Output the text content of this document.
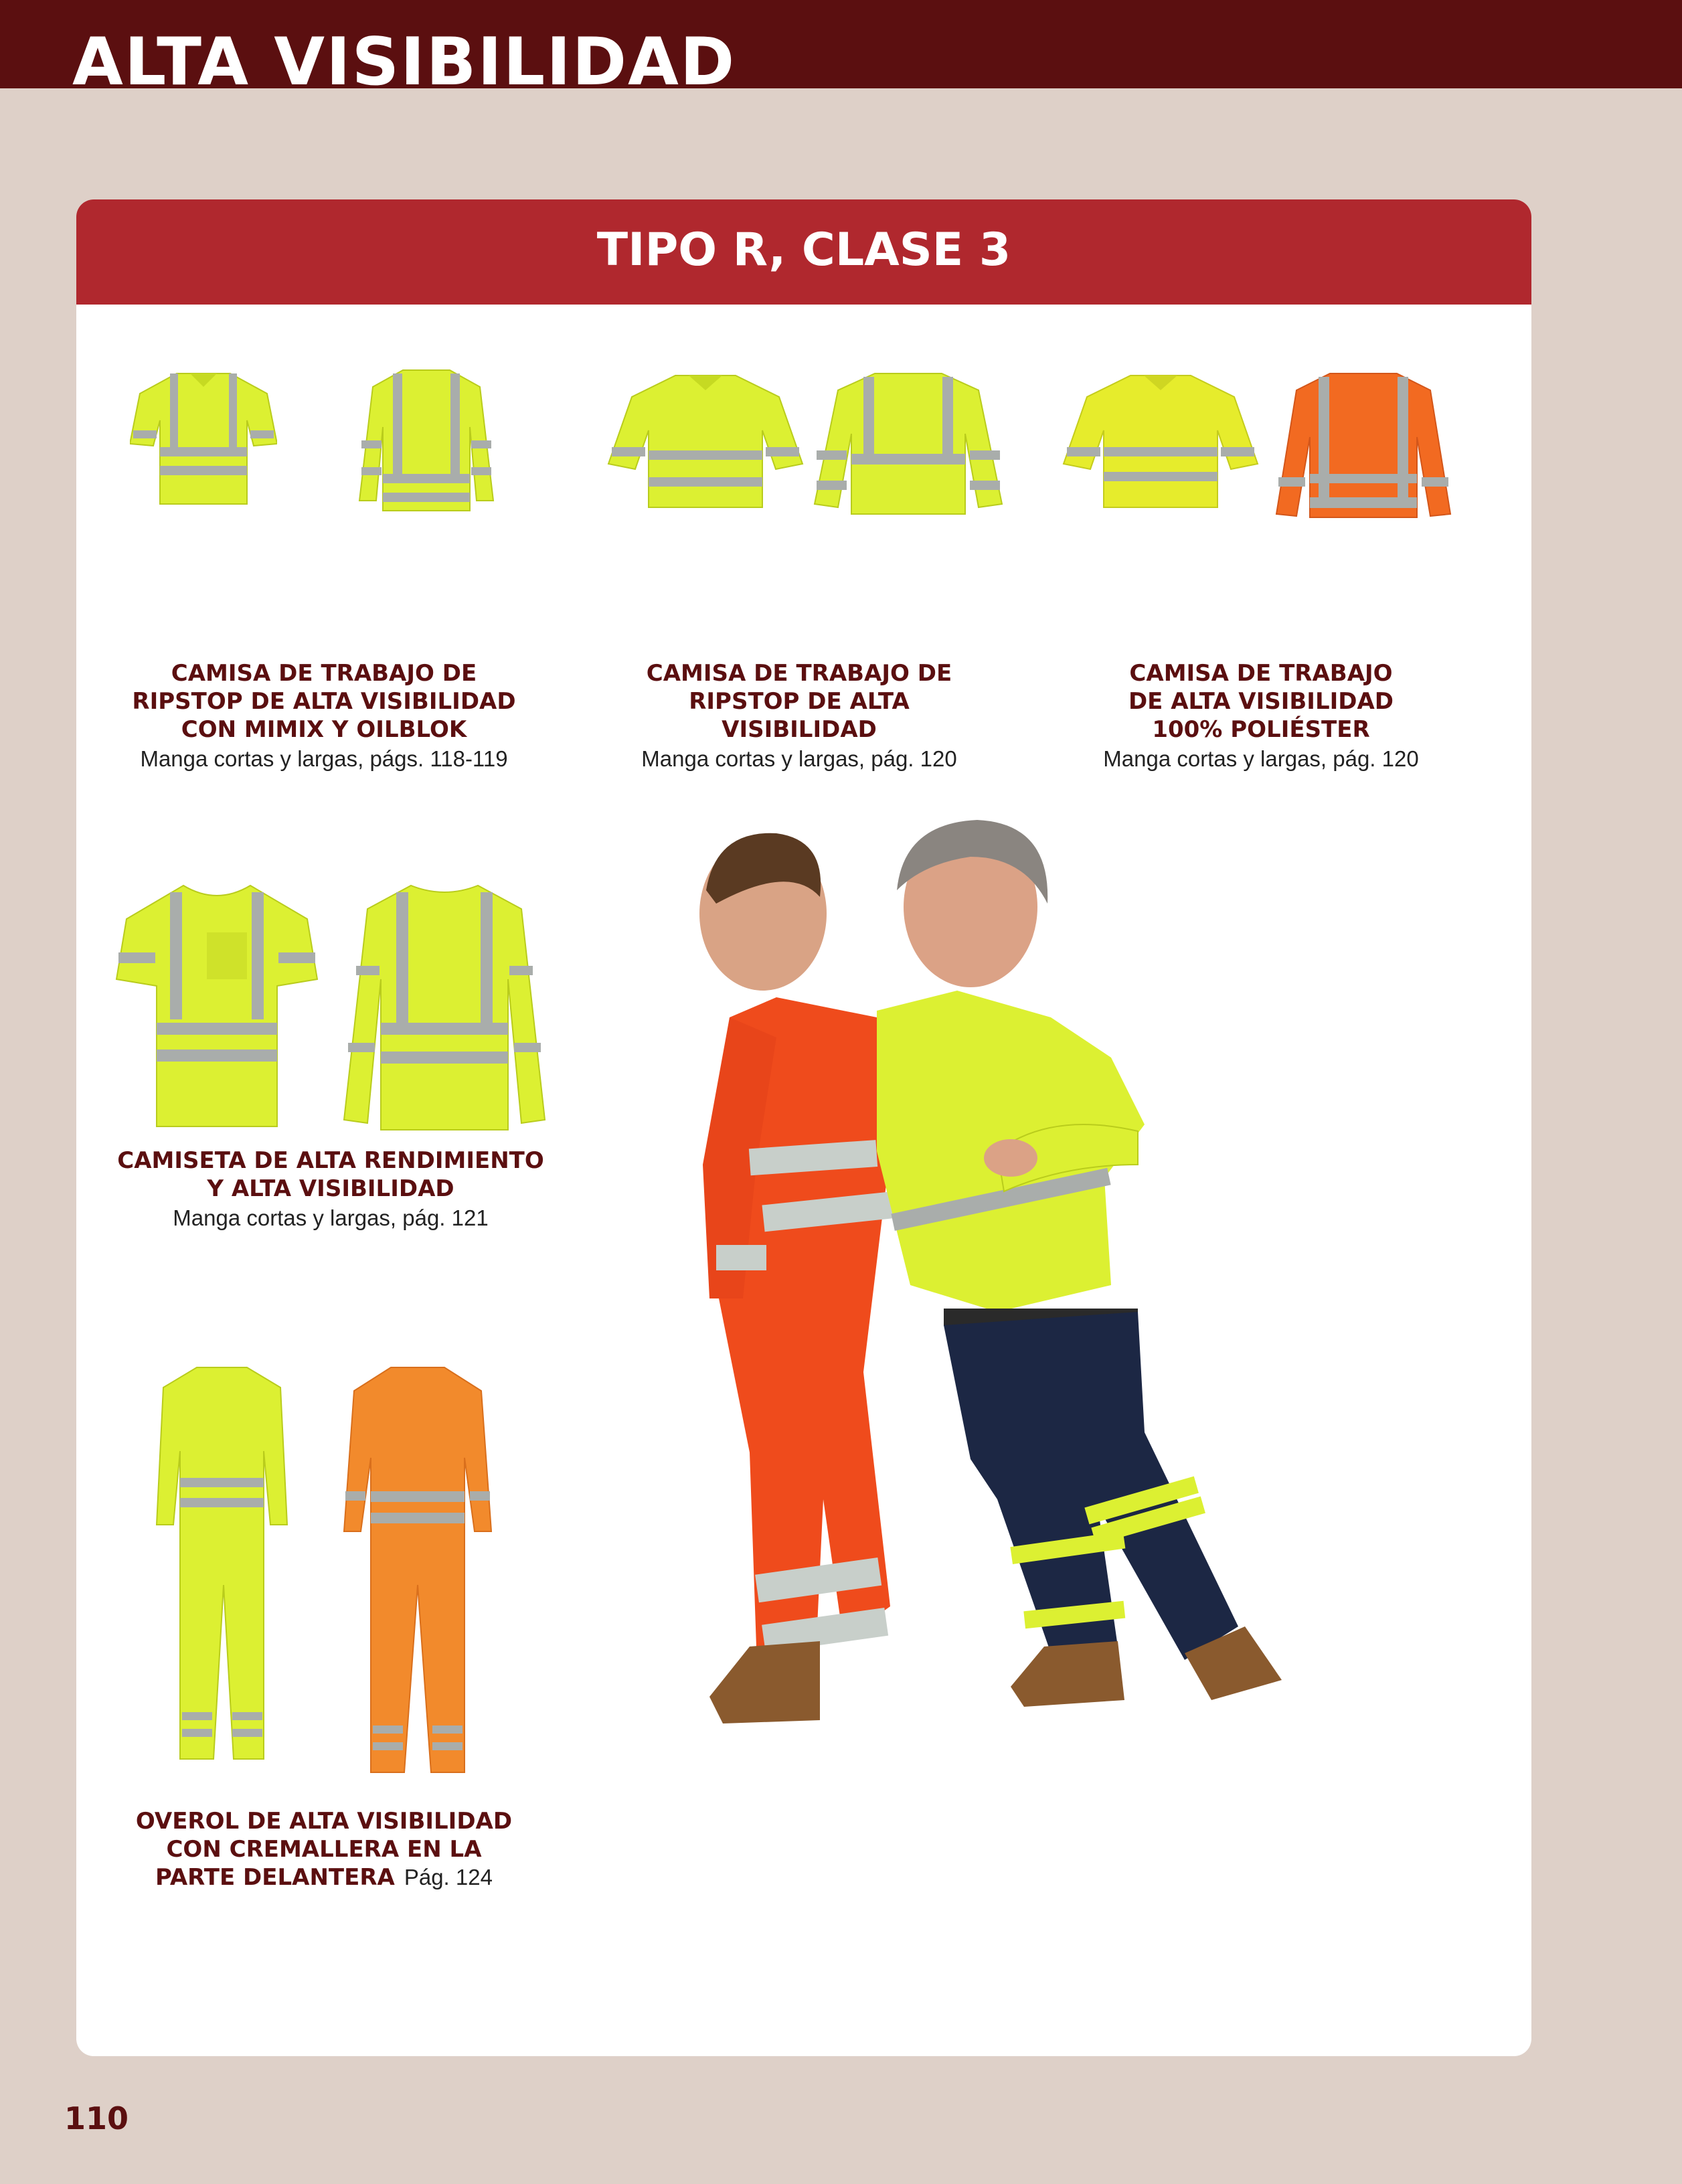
ALTA VISIBILIDAD
TIPO R, CLASE 3
CAMISA DE TRABAJO DE
RIPSTOP DE ALTA VISIBILIDAD
CON MIMIX Y OILBLOK
Manga cortas y largas, págs. 118-119
CAMISA DE TRABAJO DE
RIPSTOP DE ALTA
VISIBILIDAD
Manga cortas y largas, pág. 120
CAMISA DE TRABAJO
DE ALTA VISIBILIDAD
100% POLIÉSTER
Manga cortas y largas, pág. 120
CAMISETA DE ALTA RENDIMIENTO
Y ALTA VISIBILIDAD
Manga cortas y largas, pág. 121
OVEROL DE ALTA VISIBILIDAD
CON CREMALLERA EN LA
PARTE DELANTERA Pág. 124
110
